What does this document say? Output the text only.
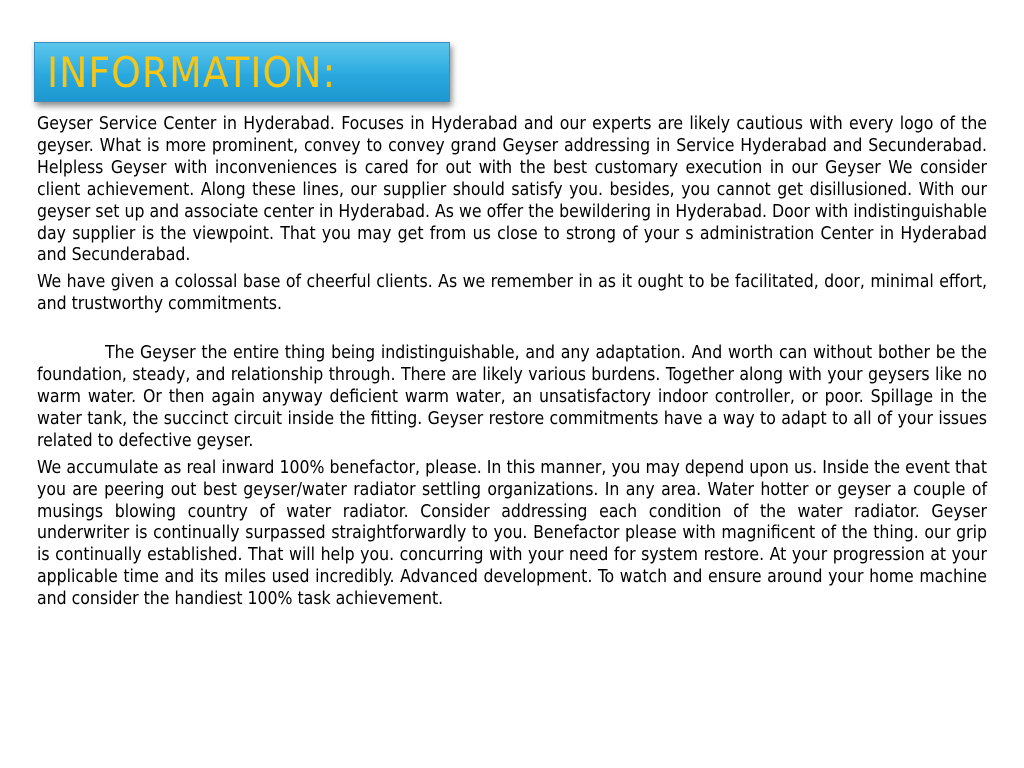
INFORMATION:

Geyser Service Center in Hyderabad. Focuses in Hyderabad and our experts are likely cautious with every logo of the geyser. What is more prominent, convey to convey grand Geyser addressing in Service Hyderabad and Secunderabad. Helpless Geyser with inconveniences is cared for out with the best customary execution in our Geyser We consider client achievement. Along these lines, our supplier should satisfy you. besides, you cannot get disillusioned. With our geyser set up and associate center in Hyderabad. As we offer the bewildering in Hyderabad. Door with indistinguishable day supplier is the viewpoint. That you may get from us close to strong of your s administration Center in Hyderabad and Secunderabad.

We have given a colossal base of cheerful clients. As we remember in as it ought to be facilitated, door, minimal effort, and trustworthy commitments.

The Geyser the entire thing being indistinguishable, and any adaptation. And worth can without bother be the foundation, steady, and relationship through. There are likely various burdens. Together along with your geysers like no warm water. Or then again anyway deficient warm water, an unsatisfactory indoor controller, or poor. Spillage in the water tank, the succinct circuit inside the fitting. Geyser restore commitments have a way to adapt to all of your issues related to defective geyser.

We accumulate as real inward 100% benefactor, please. In this manner, you may depend upon us. Inside the event that you are peering out best geyser/water radiator settling organizations. In any area. Water hotter or geyser a couple of musings blowing country of water radiator. Consider addressing each condition of the water radiator. Geyser underwriter is continually surpassed straightforwardly to you. Benefactor please with magnificent of the thing. our grip is continually established. That will help you. concurring with your need for system restore. At your progression at your applicable time and its miles used incredibly. Advanced development. To watch and ensure around your home machine and consider the handiest 100% task achievement.
